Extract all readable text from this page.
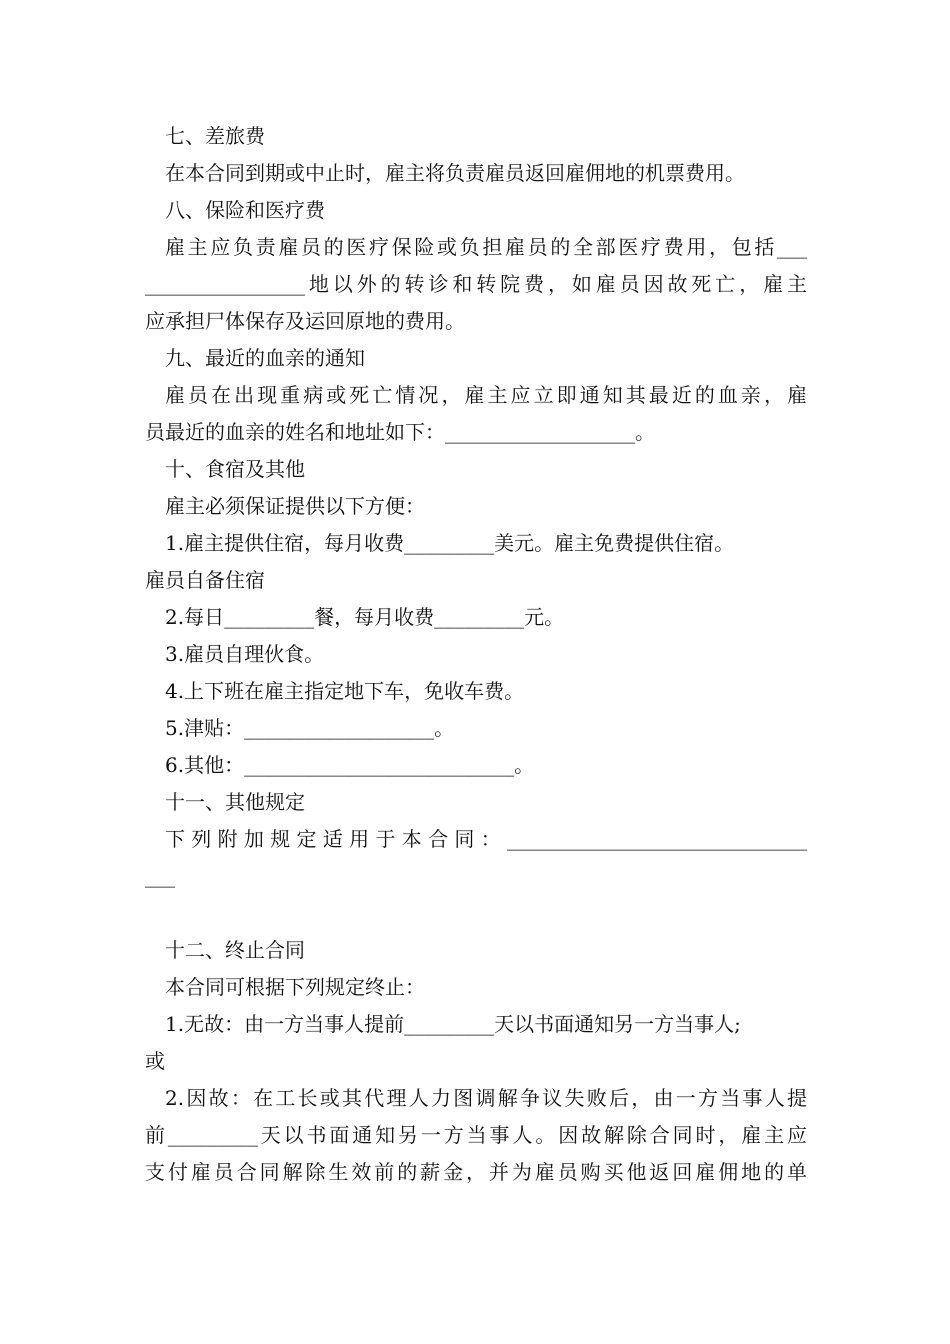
七、差旅费
在本合同到期或中止时，雇主将负责雇员返回雇佣地的机票费用。
八、保险和医疗费
雇主应负责雇员的医疗保险或负担雇员的全部医疗费用，包括___
________________地以外的转诊和转院费，如雇员因故死亡，雇主
应承担尸体保存及运回原地的费用。
九、最近的血亲的通知
雇员在出现重病或死亡情况，雇主应立即通知其最近的血亲，雇
员最近的血亲的姓名和地址如下：___________________。
十、食宿及其他
雇主必须保证提供以下方便：
1.雇主提供住宿，每月收费_________美元。雇主免费提供住宿。
雇员自备住宿
2.每日_________餐，每月收费_________元。
3.雇员自理伙食。
4.上下班在雇主指定地下车，免收车费。
5.津贴：___________________。
6.其他：___________________________。
十一、其他规定
下列附加规定适用于本合同：______________________________
___
十二、终止合同
本合同可根据下列规定终止：
1.无故：由一方当事人提前_________天以书面通知另一方当事人;
或
2.因故：在工长或其代理人力图调解争议失败后，由一方当事人提
前_________天以书面通知另一方当事人。因故解除合同时，雇主应
支付雇员合同解除生效前的薪金，并为雇员购买他返回雇佣地的单
